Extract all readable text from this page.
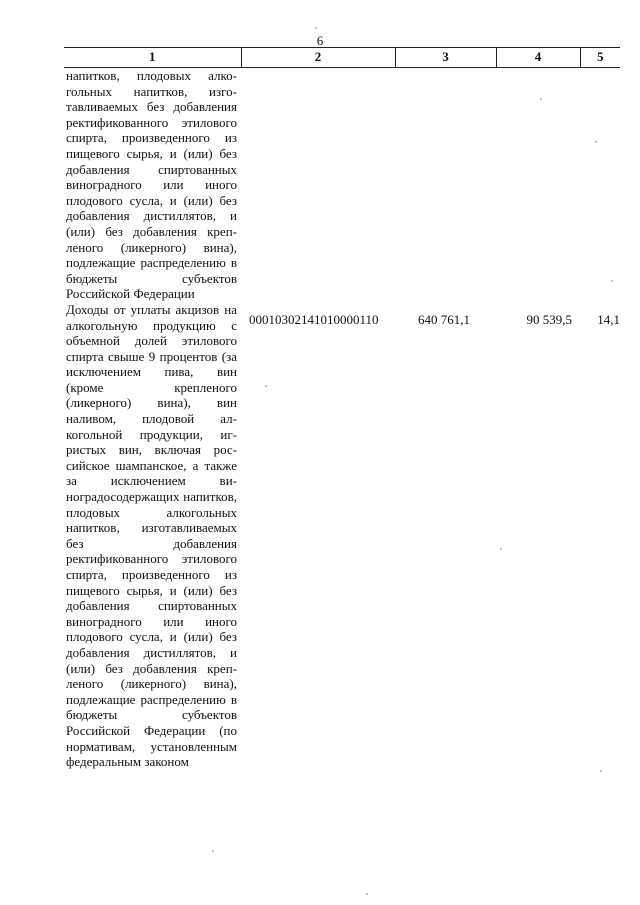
6
1	2	3	4	5

напитков, плодовых алкогольных напитков, изготавливаемых без добавления ректификованного этилового спирта, произведенного из пищевого сырья, и (или) без добавления спиртованных виноградного или иного плодового сусла, и (или) без добавления дистиллятов, и (или) без добавления крепленого (ликерного) вина), подлежащие распределению в бюджеты субъектов Российской Федерации				

Доходы от уплаты акцизов на алкогольную продукцию с объемной долей этилового спирта свыше 9 процентов (за исключением пива, вин (кроме крепленого (ликерного) вина), вин наливом, плодовой алкогольной продукции, игристых вин, включая российское шампанское, а также за исключением виноградосодержащих напитков, плодовых алкогольных напитков, изготавливаемых без добавления ректификованного этилового спирта, произведенного из пищевого сырья, и (или) без добавления спиртованных виноградного или иного плодового сусла, и (или) без добавления дистиллятов, и (или) без добавления крепленого (ликерного) вина), подлежащие распределению в бюджеты субъектов Российской Федерации (по нормативам, установленным федеральным законом	00010302141010000110	640 761,1	90 539,5	14,1
